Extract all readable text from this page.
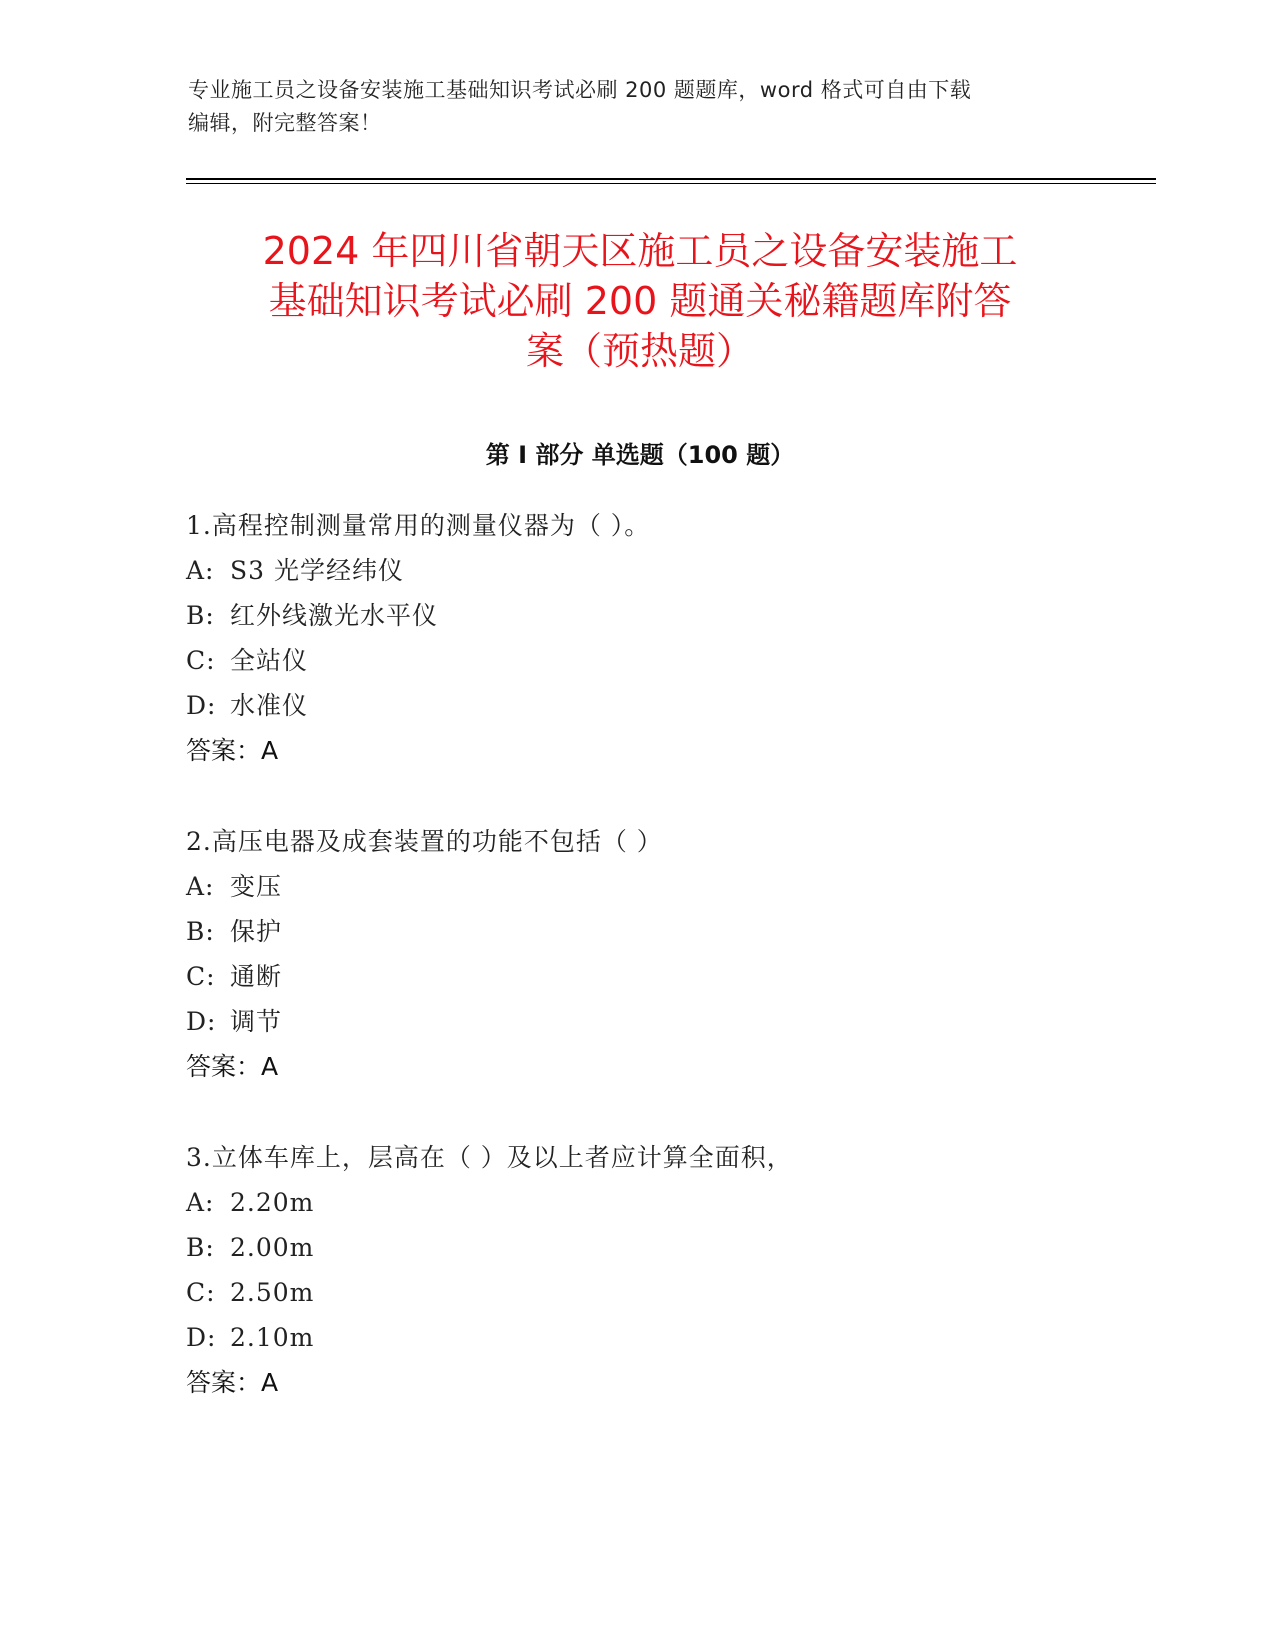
专业施工员之设备安装施工基础知识考试必刷 200 题题库，word 格式可自由下载
编辑，附完整答案！
2024 年四川省朝天区施工员之设备安装施工
基础知识考试必刷 200 题通关秘籍题库附答
案（预热题）
第 I 部分 单选题（100 题）
1.高程控制测量常用的测量仪器为（ ）。
A: S3 光学经纬仪
B: 红外线激光水平仪
C: 全站仪
D: 水准仪
答案：A
2.高压电器及成套装置的功能不包括（ ）
A: 变压
B: 保护
C: 通断
D: 调节
答案：A
3.立体车库上，层高在（ ）及以上者应计算全面积，
A: 2.20m
B: 2.00m
C: 2.50m
D: 2.10m
答案：A
